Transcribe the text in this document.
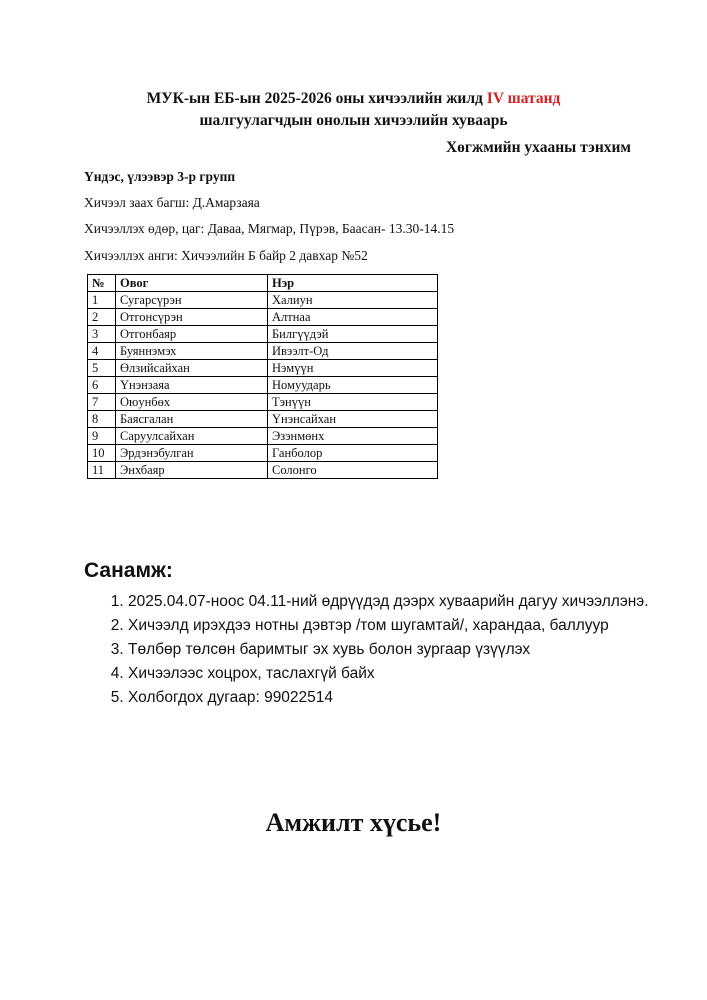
МУК-ын ЕБ-ын 2025-2026 оны хичээлийн жилд IV шатанд
шалгуулагчдын онолын хичээлийн хуваарь
Хөгжмийн ухааны тэнхим
Үндэс, үлээвэр 3-р групп
Хичээл заах багш: Д.Амарзаяа
Хичээллэх өдөр, цаг: Даваа, Мягмар, Пүрэв, Баасан- 13.30-14.15
Хичээллэх анги: Хичээлийн Б байр 2 давхар №52
№	Овог	Нэр
1	Сугарсүрэн	Халиун
2	Отгонсүрэн	Алтнаа
3	Отгонбаяр	Билгүүдэй
4	Буяннэмэх	Ивээлт-Од
5	Өлзийсайхан	Нэмүүн
6	Үнэнзаяа	Номуударь
7	Оюунбөх	Тэнүүн
8	Баясгалан	Үнэнсайхан
9	Саруулсайхан	Эзэнмөнх
10	Эрдэнэбулган	Ганболор
11	Энхбаяр	Солонго
Санамж:
1. 2025.04.07-ноос 04.11-ний өдрүүдэд дээрх хуваарийн дагуу хичээллэнэ.
2. Хичээлд ирэхдээ нотны дэвтэр /том шугамтай/, харандаа, баллуур
3. Төлбөр төлсөн баримтыг эх хувь болон зургаар үзүүлэх
4. Хичээлээс хоцрох, таслахгүй байх
5. Холбогдох дугаар: 99022514
Амжилт хүсье!
